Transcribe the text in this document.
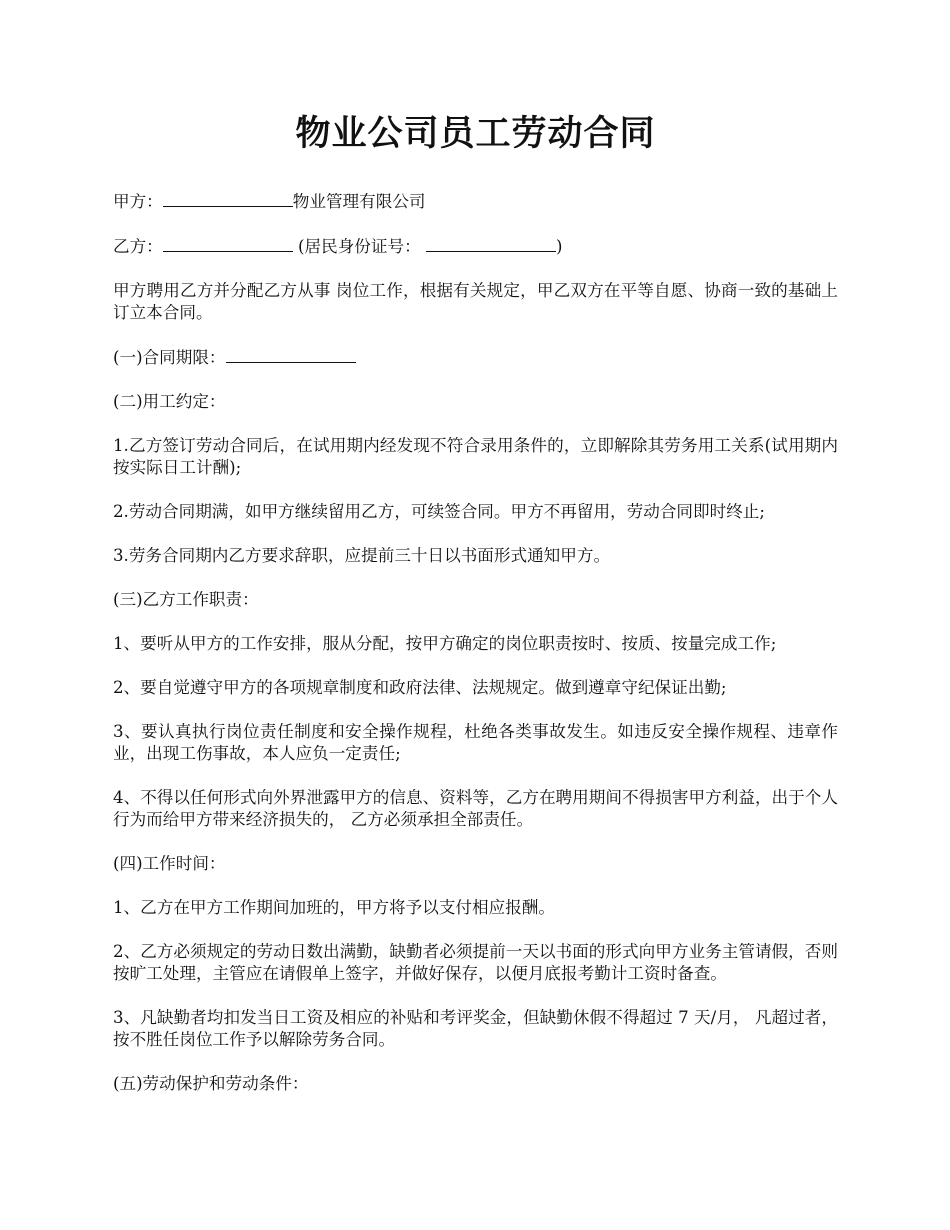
物业公司员工劳动合同

甲方：	物业管理有限公司

乙方：	(居民身份证号：	)

甲方聘用乙方并分配乙方从事 岗位工作，根据有关规定，甲乙双方在平等自愿、协商一致的基础上订立本合同。

(一)合同期限：

(二)用工约定：

1.乙方签订劳动合同后，在试用期内经发现不符合录用条件的，立即解除其劳务用工关系(试用期内按实际日工计酬);

2.劳动合同期满，如甲方继续留用乙方，可续签合同。甲方不再留用，劳动合同即时终止;

3.劳务合同期内乙方要求辞职，应提前三十日以书面形式通知甲方。

(三)乙方工作职责：

1、要听从甲方的工作安排，服从分配，按甲方确定的岗位职责按时、按质、按量完成工作;

2、要自觉遵守甲方的各项规章制度和政府法律、法规规定。做到遵章守纪保证出勤;

3、要认真执行岗位责任制度和安全操作规程，杜绝各类事故发生。如违反安全操作规程、违章作业，出现工伤事故，本人应负一定责任;

4、不得以任何形式向外界泄露甲方的信息、资料等，乙方在聘用期间不得损害甲方利益，出于个人行为而给甲方带来经济损失的， 乙方必须承担全部责任。

(四)工作时间：

1、乙方在甲方工作期间加班的，甲方将予以支付相应报酬。

2、乙方必须规定的劳动日数出满勤，缺勤者必须提前一天以书面的形式向甲方业务主管请假，否则按旷工处理，主管应在请假单上签字，并做好保存，以便月底报考勤计工资时备查。

3、凡缺勤者均扣发当日工资及相应的补贴和考评奖金，但缺勤休假不得超过 7 天/月， 凡超过者，按不胜任岗位工作予以解除劳务合同。

(五)劳动保护和劳动条件：
